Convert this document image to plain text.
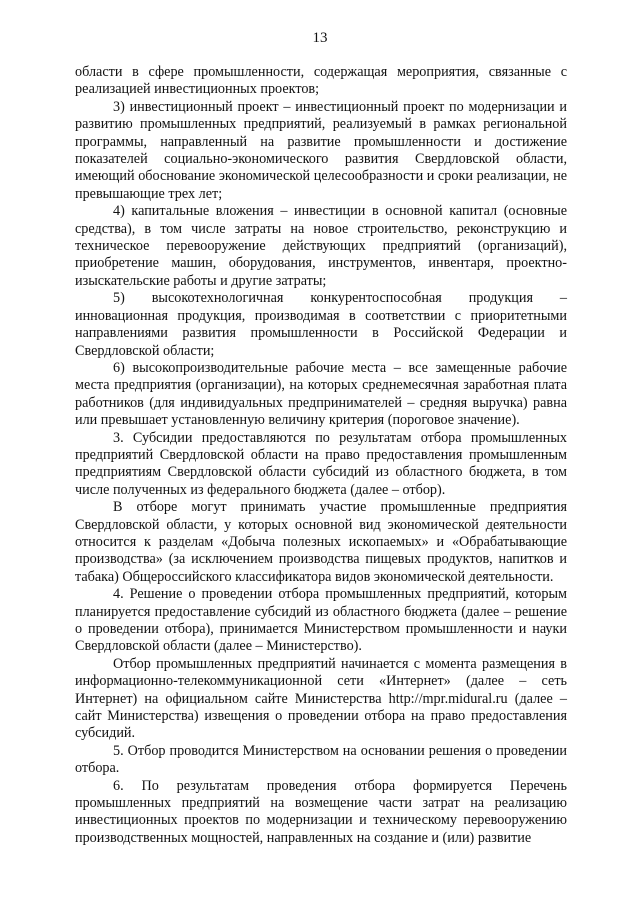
13

области в сфере промышленности, содержащая мероприятия, связанные с реализацией инвестиционных проектов;

3) инвестиционный проект – инвестиционный проект по модернизации и развитию промышленных предприятий, реализуемый в рамках региональной программы, направленный на развитие промышленности и достижение показателей социально-экономического развития Свердловской области, имеющий обоснование экономической целесообразности и сроки реализации, не превышающие трех лет;

4) капитальные вложения – инвестиции в основной капитал (основные средства), в том числе затраты на новое строительство, реконструкцию и техническое перевооружение действующих предприятий (организаций), приобретение машин, оборудования, инструментов, инвентаря, проектно-изыскательские работы и другие затраты;

5) высокотехнологичная конкурентоспособная продукция – инновационная продукция, производимая в соответствии с приоритетными направлениями развития промышленности в Российской Федерации и Свердловской области;

6) высокопроизводительные рабочие места – все замещенные рабочие места предприятия (организации), на которых среднемесячная заработная плата работников (для индивидуальных предпринимателей – средняя выручка) равна или превышает установленную величину критерия (пороговое значение).

3. Субсидии предоставляются по результатам отбора промышленных предприятий Свердловской области на право предоставления промышленным предприятиям Свердловской области субсидий из областного бюджета, в том числе полученных из федерального бюджета (далее – отбор).

В отборе могут принимать участие промышленные предприятия Свердловской области, у которых основной вид экономической деятельности относится к разделам «Добыча полезных ископаемых» и «Обрабатывающие производства» (за исключением производства пищевых продуктов, напитков и табака) Общероссийского классификатора видов экономической деятельности.

4. Решение о проведении отбора промышленных предприятий, которым планируется предоставление субсидий из областного бюджета (далее – решение о проведении отбора), принимается Министерством промышленности и науки Свердловской области (далее – Министерство).

Отбор промышленных предприятий начинается с момента размещения в информационно-телекоммуникационной сети «Интернет» (далее – сеть Интернет) на официальном сайте Министерства http://mpr.midural.ru (далее – сайт Министерства) извещения о проведении отбора на право предоставления субсидий.

5. Отбор проводится Министерством на основании решения о проведении отбора.

6. По результатам проведения отбора формируется Перечень промышленных предприятий на возмещение части затрат на реализацию инвестиционных проектов по модернизации и техническому перевооружению производственных мощностей, направленных на создание и (или) развитие
